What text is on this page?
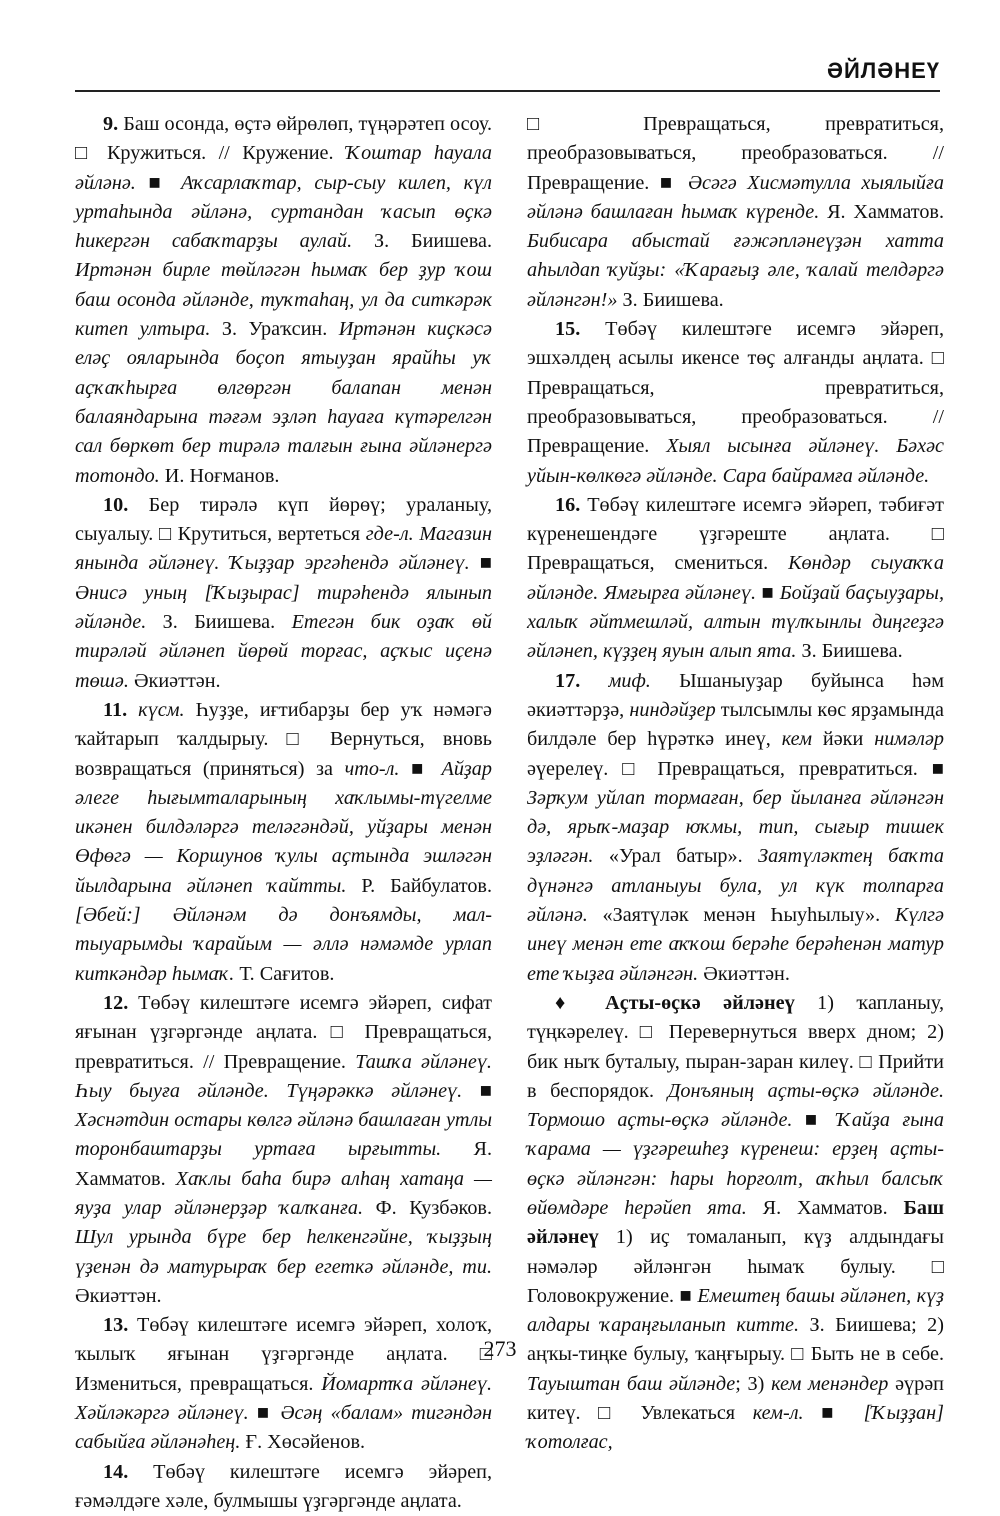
ӘЙЛӘНЕҮ

9. Баш осонда, өҫтә өйрөлөп, түңәрәтеп осоу. □ Кружиться. // Кружение. Ҡоштар һауала әйләнә. ■ Аҡсарлаҡтар, сыр-сыу килеп, күл уртаһында әйләнә, суртандан ҡасып өҫкә һикергән сабаҡтарҙы аулай. З. Биишева. Иртәнән бирле төйләгән һымаҡ бер ҙур ҡош баш осонда әйләнде, туҡтаһаң, ул да ситкәрәк китеп ултыра. З. Ураҡсин. Иртәнән киҫкәсә еләҫ ояларында боҫоп ятыуҙан ярайһы уҡ аҫҡаҡһырға өлгөргән балапан менән балаяндарына тәғәм эҙләп һауаға күтәрелгән сал бөркөт бер тирәлә талғын ғына әйләнергә тотондо. И. Ноғманов.

10. Бер тирәлә күп йөрөү; ураланыу, сыуалыу. □ Крутиться, вертеться где-л. Магазин янында әйләнеү. Ҡыҙҙар эргәһендә әйләнеү. ■ Әнисә уның [Ҡыҙырас] тирәһендә ялынып әйләнде. З. Биишева. Етегән бик оҙаҡ өй тирәләй әйләнеп йөрөй торғас, аҫҡыс иҫенә төшә. Әкиәттән.

11. күсм. Һуҙҙе, иғтибарҙы бер уҡ нәмәгә ҡайтарып ҡалдырыу. □ Вернуться, вновь возвращаться (приняться) за что-л. ■ Айҙар әлеге һығымталарының хаҡлымы-түгелме икәнен билдәләргә теләгәндәй, уйҙары менән Өфөгә — Коршунов ҡулы аҫтында эшләгән йылдарына әйләнеп ҡайтты. Р. Байбулатов. [Әбей:] Әйләнәм дә донъямды, мал-тыуарымды ҡарайым — әллә нәмәмде урлап киткәндәр һымаҡ. Т. Сағитов.

12. Төбәү килештәге исемгә эйәреп, сифат яғынан үҙгәргәнде аңлата. □ Превращаться, превратиться. // Превращение. Ташҡа әйләнеү. Һыу быуға әйләнде. Түңәрәккә әйләнеү. ■ Хәснәтдин остары көлгә әйләнә башлаған утлы торонбаштарҙы уртаға ырғытты. Я. Хамматов. Хаҡлы баһа бирә алһаң хатаңа — яуҙа улар әйләнерҙәр ҡалҡанға. Ф. Кузбәков. Шул урында бүре бер һелкенгәйне, ҡыҙҙың үҙенән дә матурыраҡ бер егеткә әйләнде, ти. Әкиәттән.

13. Төбәү килештәге исемгә эйәреп, холоҡ, ҡылыҡ яғынан үҙгәргәнде аңлата. □ Измениться, превращаться. Йомартҡа әйләнеү. Хәйләкәргә әйләнеү. ■ Әсәң «балам» тигәндән сабыйға әйләнәһең. Ғ. Хөсәйенов.

14. Төбәү килештәге исемгә эйәреп, ғәмәлдәге хәле, булмышы үҙгәргәнде аңлата.

□ Превращаться, превратиться, преобразовываться, преобразоваться. // Превращение. ■ Әсәгә Хисмәтулла хыялыйға әйләнә башлаған һымаҡ күренде. Я. Хамматов. Бибисара абыстай ғәжәпләнеүҙән хатта аһылдап ҡуйҙы: «Ҡарағыҙ әле, ҡалай телдәргә әйләнгән!» З. Биишева.

15. Төбәү килештәге исемгә эйәреп, эшхәлдең асылы икенсе төҫ алғанды аңлата. □ Превращаться, превратиться, преобразовываться, преобразоваться. // Превращение. Хыял ысынға әйләнеү. Бәхәс уйын-көлкөгә әйләнде. Сара байрамға әйләнде.

16. Төбәү килештәге исемгә эйәреп, тәбиғәт күренешендәге үҙгәреште аңлата. □ Превращаться, смениться. Көндәр сыуаҡҡа әйләнде. Ямғырға әйләнеү. ■ Бойҙай баҫыуҙары, халыҡ әйтмешләй, алтын түлҡынлы диңгеҙгә әйләнеп, күҙҙең яуын алып ята. З. Биишева.

17. миф. Ышаныуҙар буйынса һәм әкиәттәрҙә, ниндәйҙер тылсымлы көс ярҙамында билдәле бер һүрәткә инеү, кем йәки нимәләр әүерелеү. □ Превращаться, превратиться. ■ Зәрҡум уйлап тормаған, бер йыланға әйләнгән дә, ярыҡ-маҙар юҡмы, тип, сығыр тишек эҙләгән. «Урал батыр». Заятүләктең баҡта дүнәнгә атланыуы була, ул күк толпарға әйләнә. «Заятүләк менән Һыуһылыу». Күлгә инеү менән ете аҡҡош берәһе берәһенән матур ете ҡыҙға әйләнгән. Әкиәттән.

♦ Аҫты-өҫкә әйләнеү 1) ҡапланыу, түңкәрелеү. □ Перевернуться вверх дном; 2) бик ныҡ буталыу, пыран-заран килеү. □ Прийти в беспорядок. Донъяның аҫты-өҫкә әйләнде. Тормошо аҫты-өҫкә әйләнде. ■ Ҡайҙа ғына ҡарама — үҙгәрешһеҙ күренеш: ерҙең аҫты-өҫкә әйләнгән: һары һорғолт, аҡһыл балсыҡ өйөмдәре һерәйеп ята. Я. Хамматов. Баш әйләнеү 1) иҫ томаланып, күҙ алдындағы нәмәләр әйләнгән һымаҡ булыу. □ Головокружение. ■ Емештең башы әйләнеп, күҙ алдары ҡараңғыланып китте. З. Биишева; 2) аңҡы-тиңке булыу, ҡаңғырыу. □ Быть не в себе. Тауыштан баш әйләнде; 3) кем менәндер әүрәп китеү. □ Увлекаться кем-л. ■ [Ҡыҙҙан] ҡотолғас,

273
